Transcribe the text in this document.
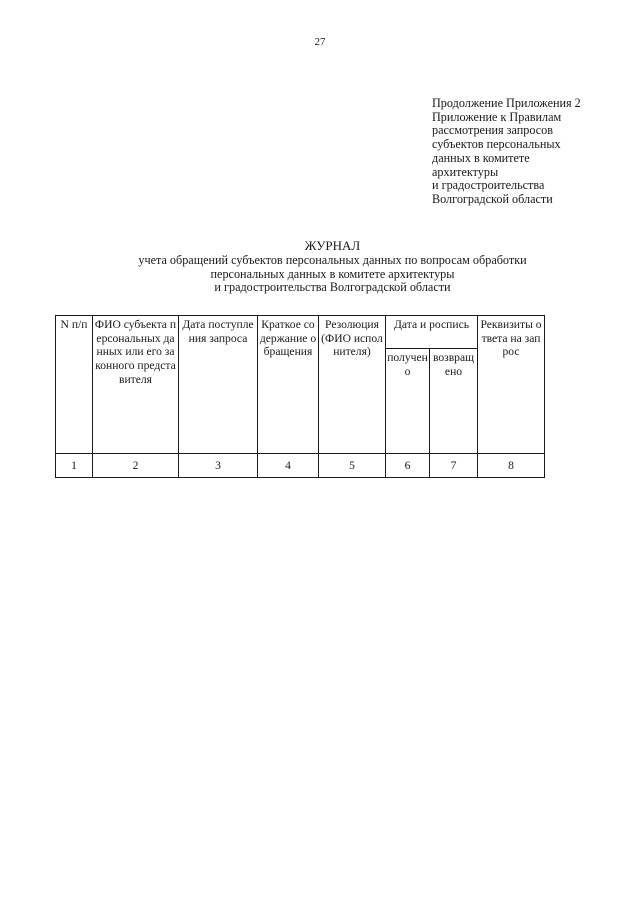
27
Продолжение Приложения 2
Приложение к Правилам
рассмотрения запросов
субъектов персональных
данных в комитете
архитектуры
и градостроительства
Волгоградской области
ЖУРНАЛ
учета обращений субъектов персональных данных по вопросам обработки
персональных данных в комитете архитектуры
и градостроительства Волгоградской области
N п/п	ФИО субъекта персональных данных или его законного представителя	Дата поступления запроса	Краткое содержание обращения	Резолюция (ФИО исполнителя)	Дата и роспись		Реквизиты ответа на запрос
					получено	возвращено	
1	2	3	4	5	6	7	8
